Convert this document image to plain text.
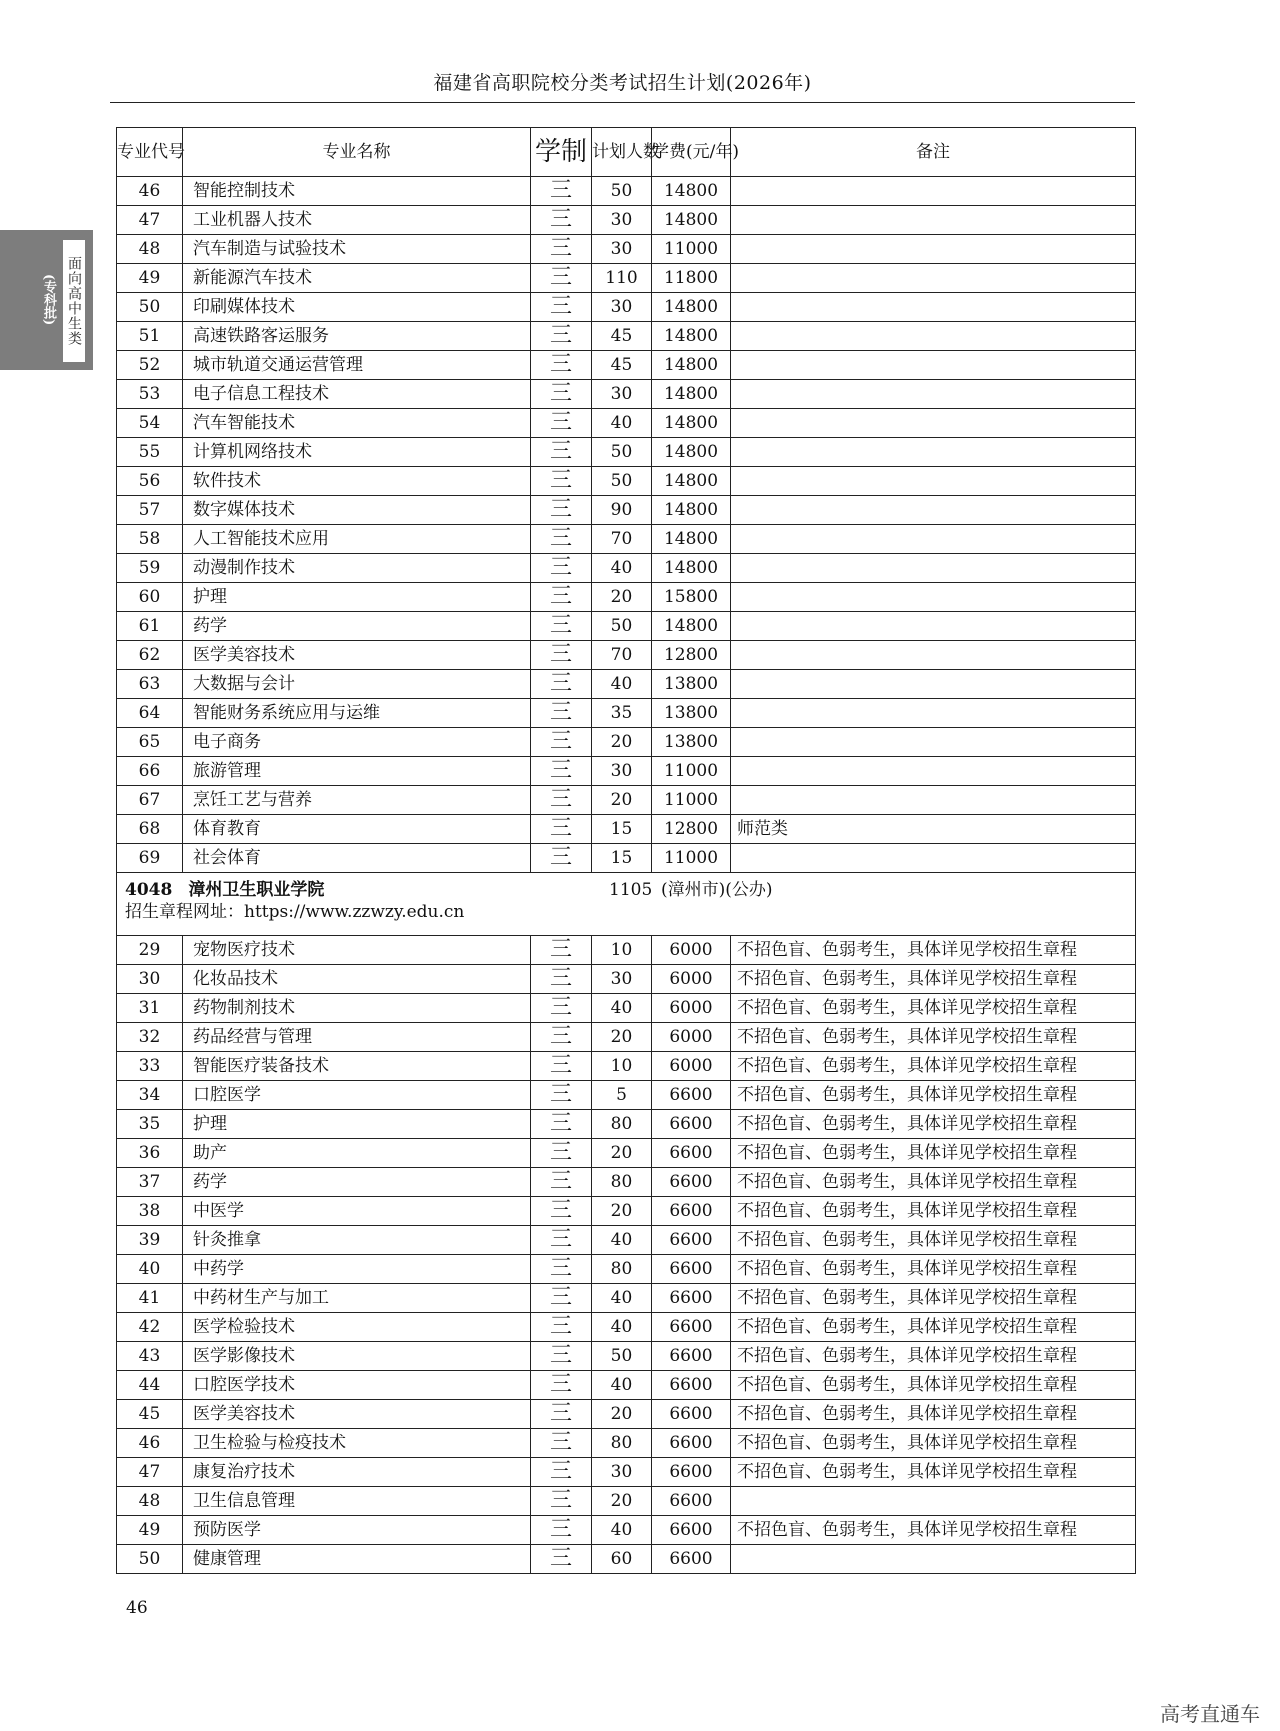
福建省高职院校分类考试招生计划(2026年)
(专科批) 面向高中生类
专业代号	专业名称	学制	计划人数	学费(元/年)	备注
46	智能控制技术	三	50	14800	
47	工业机器人技术	三	30	14800	
48	汽车制造与试验技术	三	30	11000	
49	新能源汽车技术	三	110	11800	
50	印刷媒体技术	三	30	14800	
51	高速铁路客运服务	三	45	14800	
52	城市轨道交通运营管理	三	45	14800	
53	电子信息工程技术	三	30	14800	
54	汽车智能技术	三	40	14800	
55	计算机网络技术	三	50	14800	
56	软件技术	三	50	14800	
57	数字媒体技术	三	90	14800	
58	人工智能技术应用	三	70	14800	
59	动漫制作技术	三	40	14800	
60	护理	三	20	15800	
61	药学	三	50	14800	
62	医学美容技术	三	70	12800	
63	大数据与会计	三	40	13800	
64	智能财务系统应用与运维	三	35	13800	
65	电子商务	三	20	13800	
66	旅游管理	三	30	11000	
67	烹饪工艺与营养	三	20	11000	
68	体育教育	三	15	12800	师范类
69	社会体育	三	15	11000	

4048 漳州卫生职业学院 1105 (漳州市)(公办)
招生章程网址：https://www.zzwzy.edu.cn					

29	宠物医疗技术	三	10	6000	不招色盲、色弱考生，具体详见学校招生章程
30	化妆品技术	三	30	6000	不招色盲、色弱考生，具体详见学校招生章程
31	药物制剂技术	三	40	6000	不招色盲、色弱考生，具体详见学校招生章程
32	药品经营与管理	三	20	6000	不招色盲、色弱考生，具体详见学校招生章程
33	智能医疗装备技术	三	10	6000	不招色盲、色弱考生，具体详见学校招生章程
34	口腔医学	三	5	6600	不招色盲、色弱考生，具体详见学校招生章程
35	护理	三	80	6600	不招色盲、色弱考生，具体详见学校招生章程
36	助产	三	20	6600	不招色盲、色弱考生，具体详见学校招生章程
37	药学	三	80	6600	不招色盲、色弱考生，具体详见学校招生章程
38	中医学	三	20	6600	不招色盲、色弱考生，具体详见学校招生章程
39	针灸推拿	三	40	6600	不招色盲、色弱考生，具体详见学校招生章程
40	中药学	三	80	6600	不招色盲、色弱考生，具体详见学校招生章程
41	中药材生产与加工	三	40	6600	不招色盲、色弱考生，具体详见学校招生章程
42	医学检验技术	三	40	6600	不招色盲、色弱考生，具体详见学校招生章程
43	医学影像技术	三	50	6600	不招色盲、色弱考生，具体详见学校招生章程
44	口腔医学技术	三	40	6600	不招色盲、色弱考生，具体详见学校招生章程
45	医学美容技术	三	20	6600	不招色盲、色弱考生，具体详见学校招生章程
46	卫生检验与检疫技术	三	80	6600	不招色盲、色弱考生，具体详见学校招生章程
47	康复治疗技术	三	30	6600	不招色盲、色弱考生，具体详见学校招生章程
48	卫生信息管理	三	20	6600	
49	预防医学	三	40	6600	不招色盲、色弱考生，具体详见学校招生章程
50	健康管理	三	60	6600	
46
高考直通车
